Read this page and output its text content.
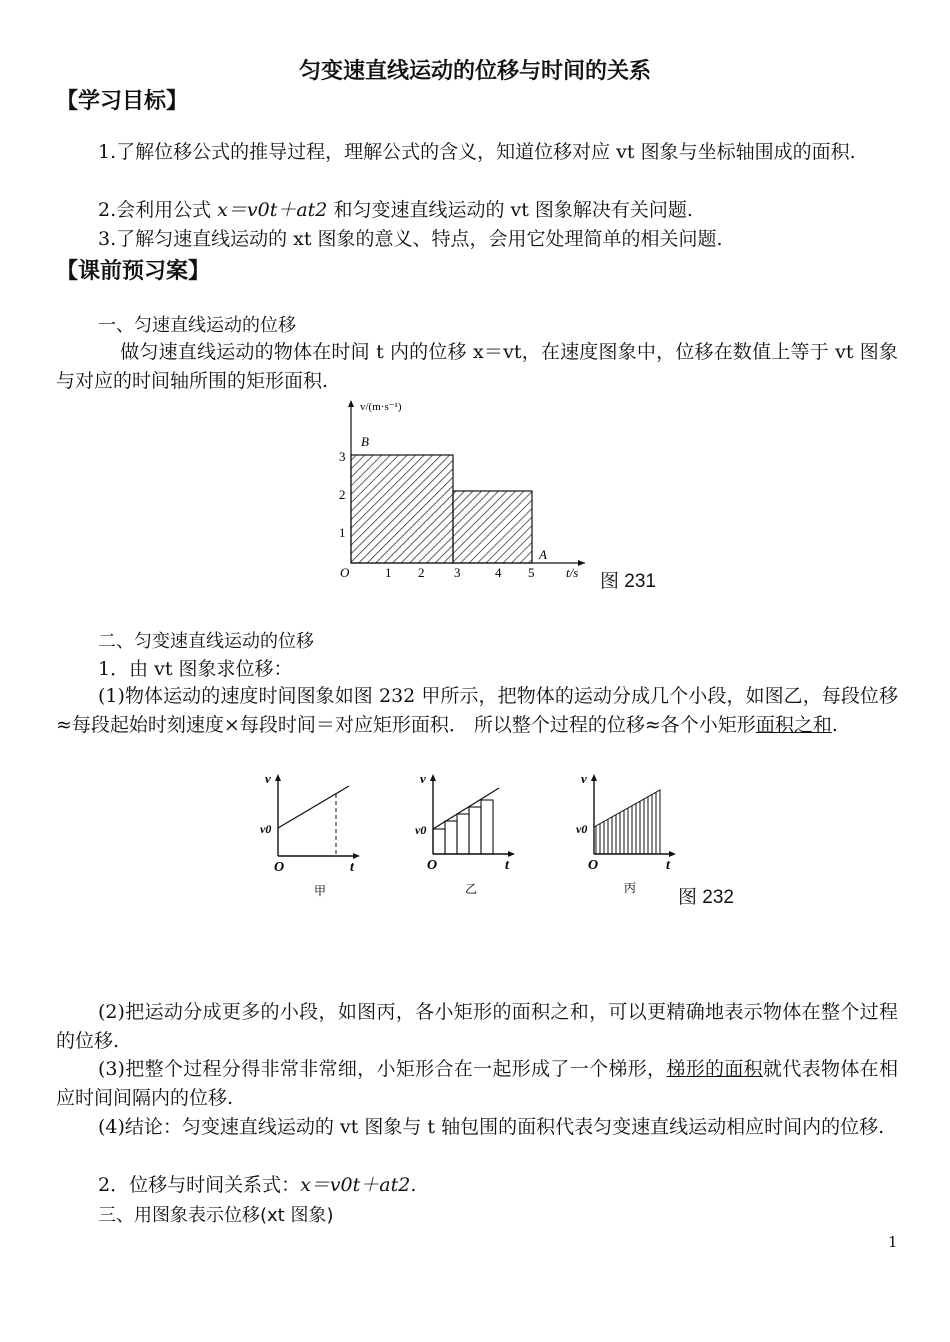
匀变速直线运动的位移与时间的关系
【学习目标】
1.了解位移公式的推导过程，理解公式的含义，知道位移对应 vt 图象与坐标轴围成的面积.
2.会利用公式 x＝v0t＋at2 和匀变速直线运动的 vt 图象解决有关问题.
3.了解匀速直线运动的 xt 图象的意义、特点，会用它处理简单的相关问题.
【课前预习案】
一、匀速直线运动的位移
做匀速直线运动的物体在时间 t 内的位移 x＝vt，在速度图象中，位移在数值上等于 vt 图象与对应的时间轴所围的矩形面积.
v/(m·s⁻¹)
t/s
O
B
A
1 2 3	4 5
1
2
3
图 231
二、匀变速直线运动的位移
1．由 vt 图象求位移：
(1)物体运动的速度时间图象如图 232 甲所示，把物体的运动分成几个小段，如图乙，每段位移≈每段起始时刻速度×每段时间＝对应矩形面积． 所以整个过程的位移≈各个小矩形面积之和.
v
v0
O	t
甲
v
v0
O	t
乙
v
v0
O	t
丙 图 232
(2)把运动分成更多的小段，如图丙，各小矩形的面积之和，可以更精确地表示物体在整个过程的位移.
(3)把整个过程分得非常非常细，小矩形合在一起形成了一个梯形，梯形的面积就代表物体在相应时间间隔内的位移.
(4)结论：匀变速直线运动的 vt 图象与 t 轴包围的面积代表匀变速直线运动相应时间内的位移.
2．位移与时间关系式：x＝v0t＋at2.
三、用图象表示位移(xt 图象)
1
